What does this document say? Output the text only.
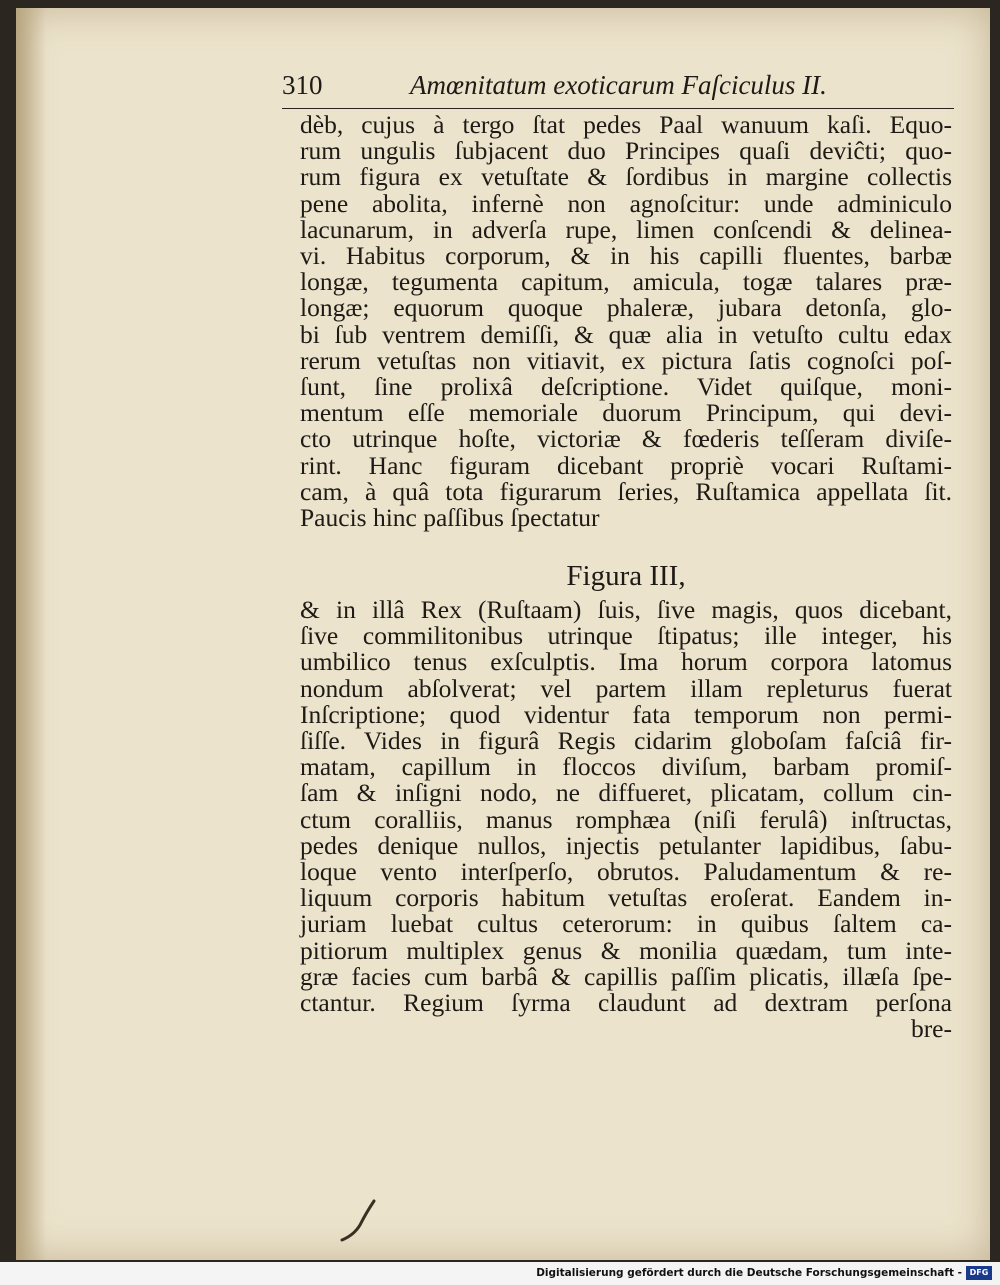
310	Amœnitatum exoticarum Faſciculus II.
dèb, cujus à tergo ſtat pedes Paal wanuum kaſi. Equo-
rum ungulis ſubjacent duo Principes quaſi deviĉti; quo-
rum figura ex vetuſtate & ſordibus in margine collectis
pene abolita, infernè non agnoſcitur: unde adminiculo
lacunarum, in adverſa rupe, limen conſcendi & delinea-
vi. Habitus corporum, & in his capilli fluentes, barbæ
longæ, tegumenta capitum, amicula, togæ talares præ-
longæ; equorum quoque phaleræ, jubara detonſa, glo-
bi ſub ventrem demiſſi, & quæ alia in vetuſto cultu edax
rerum vetuſtas non vitiavit, ex pictura ſatis cognoſci poſ-
ſunt, ſine prolixâ deſcriptione. Videt quiſque, moni-
mentum eſſe memoriale duorum Principum, qui devi-
cto utrinque hoſte, victoriæ & fœderis teſſeram diviſe-
rint. Hanc figuram dicebant propriè vocari Ruſtami-
cam, à quâ tota figurarum ſeries, Ruſtamica appellata ſit.
Paucis hinc paſſibus ſpectatur
Figura III,
& in illâ Rex (Ruſtaam) ſuis, ſive magis, quos dicebant,
ſive commilitonibus utrinque ſtipatus; ille integer, his
umbilico tenus exſculptis. Ima horum corpora latomus
nondum abſolverat; vel partem illam repleturus fuerat
Inſcriptione; quod videntur fata temporum non permi-
ſiſſe. Vides in figurâ Regis cidarim globoſam faſciâ fir-
matam, capillum in floccos diviſum, barbam promiſ-
ſam & inſigni nodo, ne diffueret, plicatam, collum cin-
ctum coralliis, manus romphæa (niſi ferulâ) inſtructas,
pedes denique nullos, injectis petulanter lapidibus, ſabu-
loque vento interſperſo, obrutos. Paludamentum & re-
liquum corporis habitum vetuſtas eroſerat. Eandem in-
juriam luebat cultus ceterorum: in quibus ſaltem ca-
pitiorum multiplex genus & monilia quædam, tum inte-
græ facies cum barbâ & capillis paſſim plicatis, illæſa ſpe-
ctantur. Regium ſyrma claudunt ad dextram perſona
bre-
Digitalisierung gefördert durch die Deutsche Forschungsgemeinschaft - DFG
